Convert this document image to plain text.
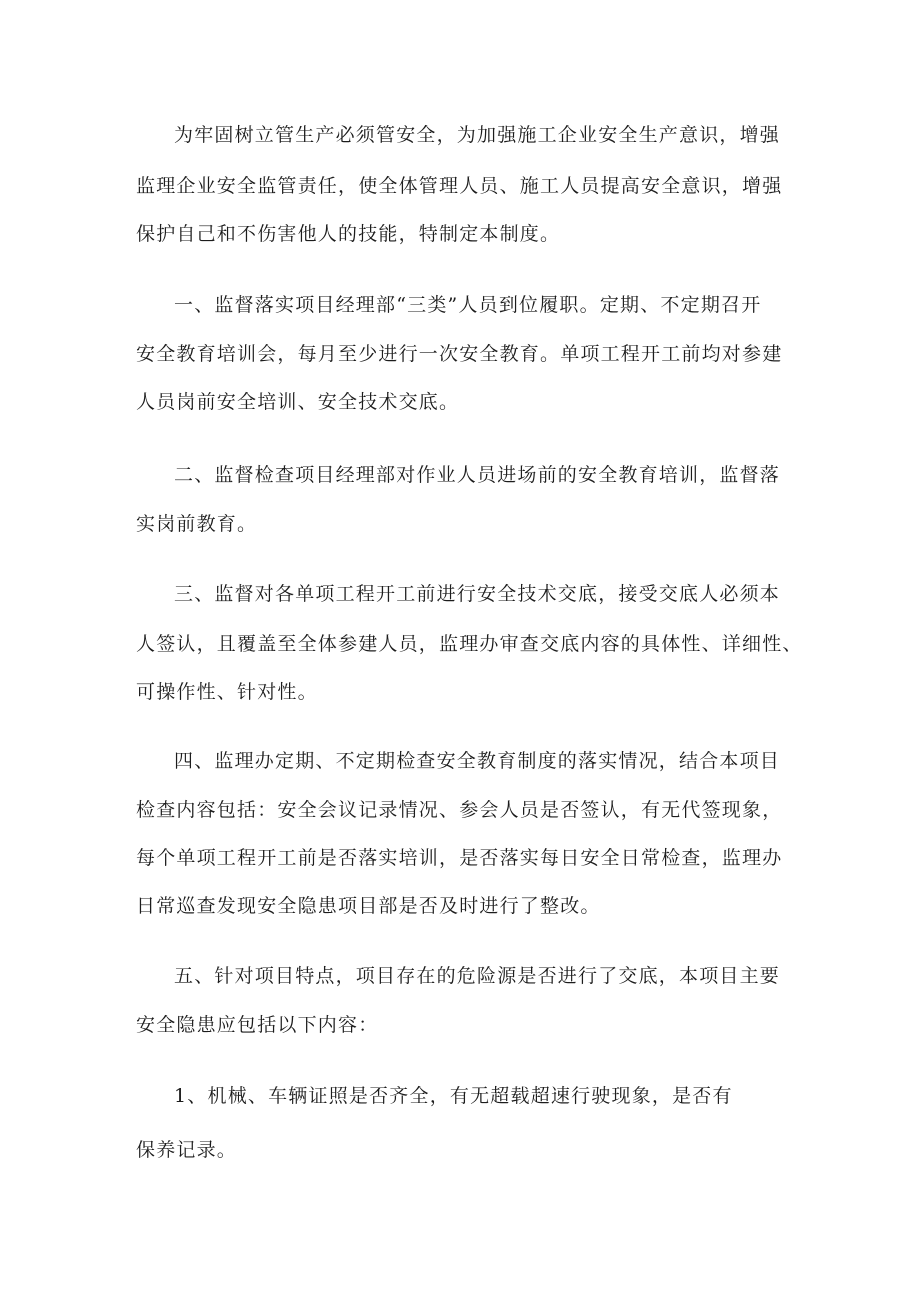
为牢固树立管生产必须管安全，为加强施工企业安全生产意识，增强
监理企业安全监管责任，使全体管理人员、施工人员提高安全意识，增强
保护自己和不伤害他人的技能，特制定本制度。
一、监督落实项目经理部“三类”人员到位履职。定期、不定期召开
安全教育培训会，每月至少进行一次安全教育。单项工程开工前均对参建
人员岗前安全培训、安全技术交底。
二、监督检查项目经理部对作业人员进场前的安全教育培训，监督落
实岗前教育。
三、监督对各单项工程开工前进行安全技术交底，接受交底人必须本
人签认，且覆盖至全体参建人员，监理办审查交底内容的具体性、详细性、
可操作性、针对性。
四、监理办定期、不定期检查安全教育制度的落实情况，结合本项目
检查内容包括：安全会议记录情况、参会人员是否签认，有无代签现象，
每个单项工程开工前是否落实培训，是否落实每日安全日常检查，监理办
日常巡查发现安全隐患项目部是否及时进行了整改。
五、针对项目特点，项目存在的危险源是否进行了交底，本项目主要
安全隐患应包括以下内容：
1、机械、车辆证照是否齐全，有无超载超速行驶现象，是否有
保养记录。
